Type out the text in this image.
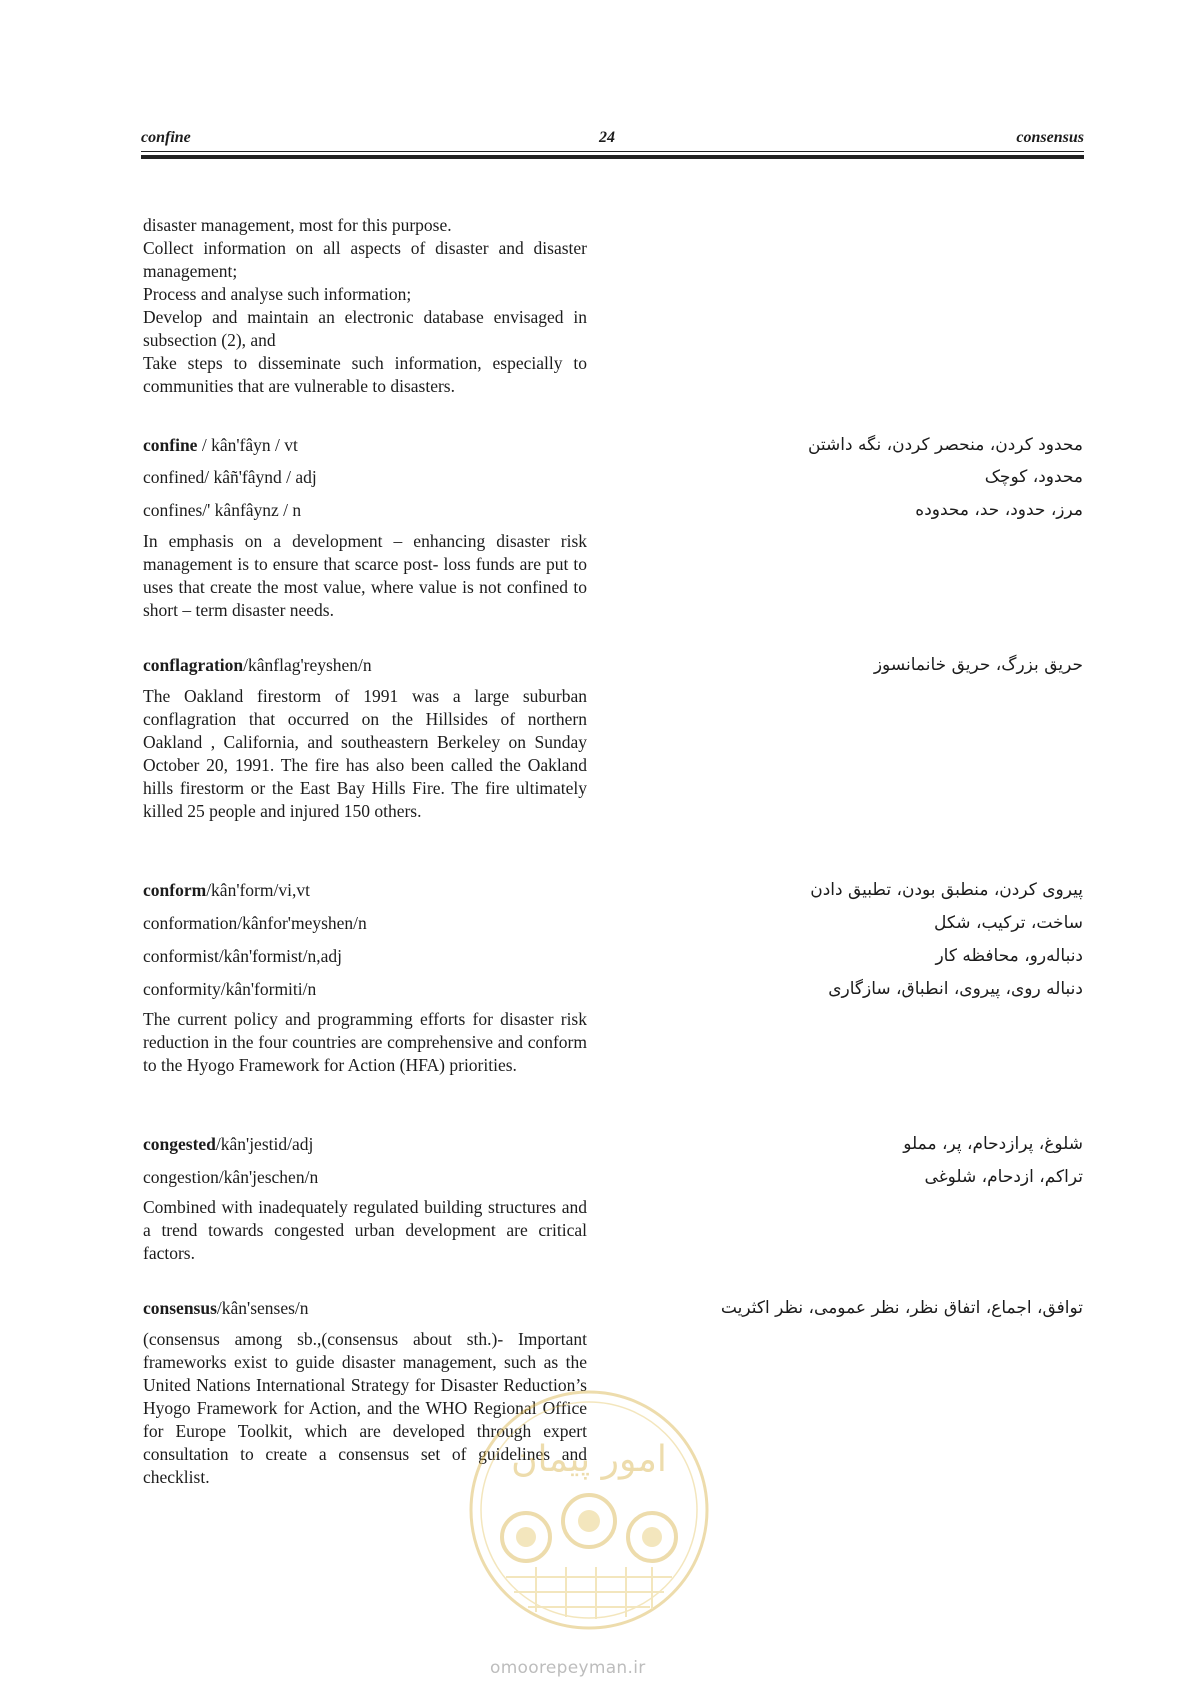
confine	24	consensus

disaster management, most for this purpose.

Collect information on all aspects of disaster and disaster management;

Process and analyse such information;

Develop and maintain an electronic database envisaged in subsection (2), and

Take steps to disseminate such information, especially to communities that are vulnerable to disasters.

confine / kân'fâyn / vt	محدود کردن، منحصر کردن، نگه داشتن
confined/ kâñ'fâynd / adj	محدود، کوچک
confines/' kânfâynz / n	مرز، حدود، حد، محدوده
In emphasis on a development – enhancing disaster risk management is to ensure that scarce post- loss funds are put to uses that create the most value, where value is not confined to short – term disaster needs.
conflagration/kânflag'reyshen/n	حریق بزرگ، حریق خانمانسوز
The Oakland firestorm of 1991 was a large suburban conflagration that occurred on the Hillsides of northern Oakland , California, and southeastern Berkeley on Sunday October 20, 1991. The fire has also been called the Oakland hills firestorm or the East Bay Hills Fire. The fire ultimately killed 25 people and injured 150 others.
conform/kân'form/vi,vt	پیروی کردن، منطبق بودن، تطبیق دادن
conformation/kânfor'meyshen/n	ساخت، ترکیب، شکل
conformist/kân'formist/n,adj	دنباله‌رو، محافظه کار
conformity/kân'formiti/n	دنباله روی، پیروی، انطباق، سازگاری
The current policy and programming efforts for disaster risk reduction in the four countries are comprehensive and conform to the Hyogo Framework for Action (HFA) priorities.
congested/kân'jestid/adj	شلوغ، پرازدحام، پر، مملو
congestion/kân'jeschen/n	تراکم، ازدحام، شلوغی
Combined with inadequately regulated building structures and a trend towards congested urban development are critical factors.
consensus/kân'senses/n	توافق، اجماع، اتفاق نظر، نظر عمومی، نظر اکثریت
(consensus among sb.,(consensus about sth.)- Important frameworks exist to guide disaster management, such as the United Nations International Strategy for Disaster Reduction’s Hyogo Framework for Action, and the WHO Regional Office for Europe Toolkit, which are developed through expert consultation to create a consensus set of guidelines and checklist.	امور پیمان
omoorepeyman.ir
